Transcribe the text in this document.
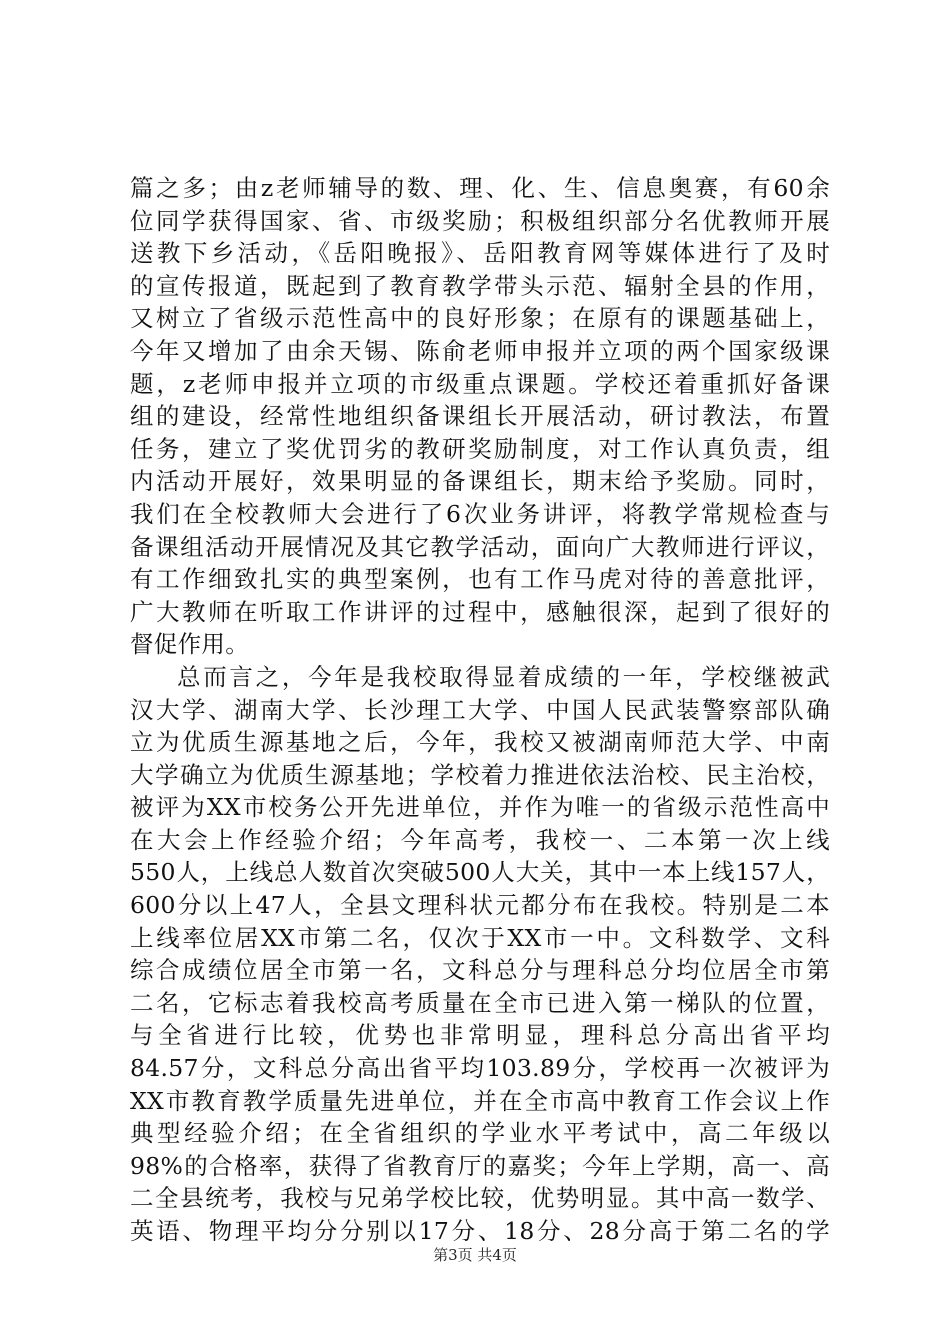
篇之多；由z老师辅导的数、理、化、生、信息奥赛，有60余
位同学获得国家、省、市级奖励；积极组织部分名优教师开展
送教下乡活动，《岳阳晚报》、岳阳教育网等媒体进行了及时
的宣传报道，既起到了教育教学带头示范、辐射全县的作用，
又树立了省级示范性高中的良好形象；在原有的课题基础上，
今年又增加了由余天锡、陈俞老师申报并立项的两个国家级课
题，z老师申报并立项的市级重点课题。学校还着重抓好备课
组的建设，经常性地组织备课组长开展活动，研讨教法，布置
任务，建立了奖优罚劣的教研奖励制度，对工作认真负责，组
内活动开展好，效果明显的备课组长，期末给予奖励。同时，
我们在全校教师大会进行了6次业务讲评，将教学常规检查与
备课组活动开展情况及其它教学活动，面向广大教师进行评议，
有工作细致扎实的典型案例，也有工作马虎对待的善意批评，
广大教师在听取工作讲评的过程中，感触很深，起到了很好的
督促作用。
总而言之，今年是我校取得显着成绩的一年，学校继被武
汉大学、湖南大学、长沙理工大学、中国人民武装警察部队确
立为优质生源基地之后，今年，我校又被湖南师范大学、中南
大学确立为优质生源基地；学校着力推进依法治校、民主治校，
被评为XX市校务公开先进单位，并作为唯一的省级示范性高中
在大会上作经验介绍；今年高考，我校一、二本第一次上线
550人，上线总人数首次突破500人大关，其中一本上线157人，
600分以上47人，全县文理科状元都分布在我校。特别是二本
上线率位居XX市第二名，仅次于XX市一中。文科数学、文科
综合成绩位居全市第一名，文科总分与理科总分均位居全市第
二名，它标志着我校高考质量在全市已进入第一梯队的位置，
与全省进行比较，优势也非常明显，理科总分高出省平均
84.57分，文科总分高出省平均103.89分，学校再一次被评为
XX市教育教学质量先进单位，并在全市高中教育工作会议上作
典型经验介绍；在全省组织的学业水平考试中，高二年级以
98%的合格率，获得了省教育厅的嘉奖；今年上学期，高一、高
二全县统考，我校与兄弟学校比较，优势明显。其中高一数学、
英语、物理平均分分别以17分、18分、28分高于第二名的学
第3页 共4页
